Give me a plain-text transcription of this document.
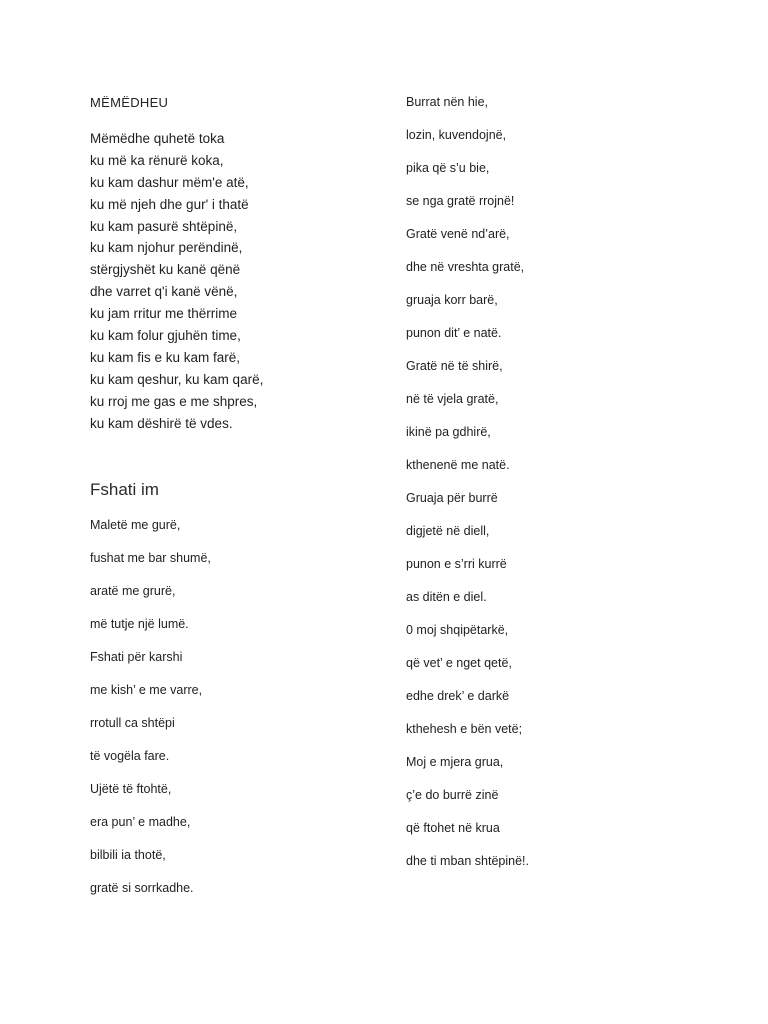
MËMËDHEU
Mëmëdhe quhetë toka
ku më ka rënurë koka,
ku kam dashur mëm'e atë,
ku më njeh dhe gur' i thatë
ku kam pasurë shtëpinë,
ku kam njohur perëndinë,
stërgjyshët ku kanë qënë
dhe varret q'i kanë vënë,
ku jam rritur me thërrime
ku kam folur gjuhën time,
ku kam fis e ku kam farë,
ku kam qeshur, ku kam qarë,
ku rroj me gas e me shpres,
ku kam dëshirë të vdes.
Fshati im
Maletë me gurë,
fushat me bar shumë,
aratë me grurë,
më tutje një lumë.
Fshati për karshi
me kish’ e me varre,
rrotull ca shtëpi
të vogëla fare.
Ujëtë të ftohtë,
era pun’ e madhe,
bilbili ia thotë,
gratë si sorrkadhe.
Burrat nën hie,
lozin, kuvendojnë,
pika që s’u bie,
se nga gratë rrojnë!
Gratë venë nd’arë,
dhe në vreshta gratë,
gruaja korr barë,
punon dit’ e natë.
Gratë në të shirë,
në të vjela gratë,
ikinë pa gdhirë,
kthenenë me natë.
Gruaja për burrë
digjetë në diell,
punon e s’rri kurrë
as ditën e diel.
0 moj shqipëtarkë,
që vet’ e nget qetë,
edhe drek’ e darkë
kthehesh e bën vetë;
Moj e mjera grua,
ç’e do burrë zinë
që ftohet në krua
dhe ti mban shtëpinë!.
